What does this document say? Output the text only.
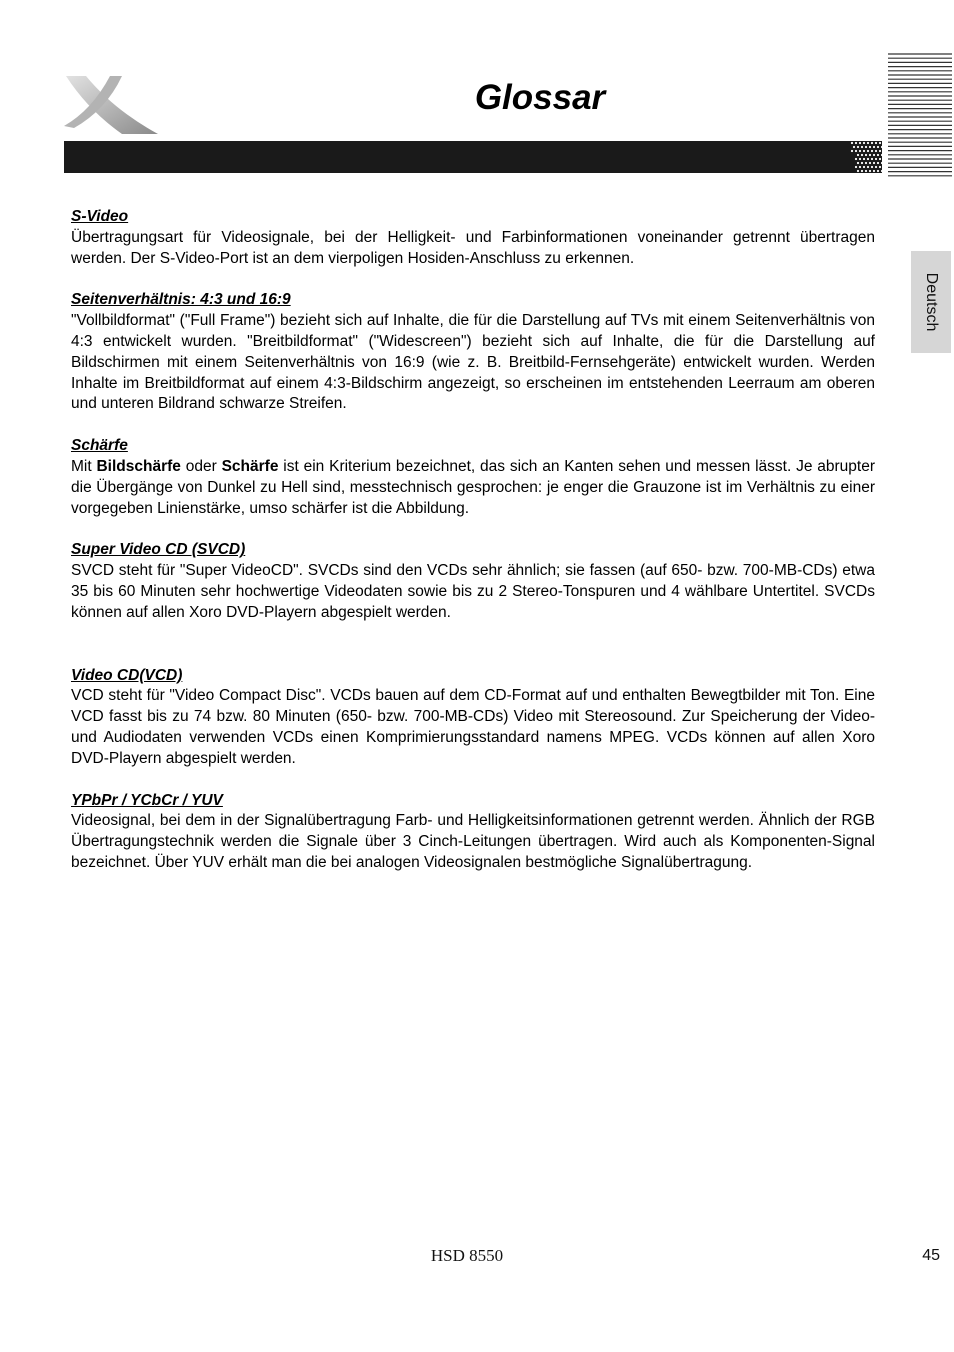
Glossar
Deutsch

S-Video

Übertragungsart für Videosignale, bei der Helligkeit- und Farbinformationen voneinander getrennt übertragen werden. Der S-Video-Port ist an dem vierpoligen Hosiden-Anschluss zu erkennen.

Seitenverhältnis: 4:3 und 16:9

"Vollbildformat" ("Full Frame") bezieht sich auf Inhalte, die für die Darstellung auf TVs mit einem Seitenverhältnis von 4:3 entwickelt wurden. "Breitbildformat" ("Widescreen") bezieht sich auf Inhalte, die für die Darstellung auf Bildschirmen mit einem Seitenverhältnis von 16:9 (wie z. B. Breitbild-Fernsehgeräte) entwickelt wurden. Werden Inhalte im Breitbildformat auf einem 4:3-Bildschirm angezeigt, so erscheinen im entstehenden Leerraum am oberen und unteren Bildrand schwarze Streifen.

Schärfe

Mit Bildschärfe oder Schärfe ist ein Kriterium bezeichnet, das sich an Kanten sehen und messen lässt. Je abrupter die Übergänge von Dunkel zu Hell sind, messtechnisch gesprochen: je enger die Grauzone ist im Verhältnis zu einer vorgegeben Linienstärke, umso schärfer ist die Abbildung.

Super Video CD (SVCD)

SVCD steht für "Super VideoCD". SVCDs sind den VCDs sehr ähnlich; sie fassen (auf 650- bzw. 700-MB-CDs) etwa 35 bis 60 Minuten sehr hochwertige Videodaten sowie bis zu 2 Stereo-Tonspuren und 4 wählbare Untertitel. SVCDs können auf allen Xoro DVD-Playern abgespielt werden.

Video CD(VCD)

VCD steht für "Video Compact Disc". VCDs bauen auf dem CD-Format auf und enthalten Bewegtbilder mit Ton. Eine VCD fasst bis zu 74 bzw. 80 Minuten (650- bzw. 700-MB-CDs) Video mit Stereosound. Zur Speicherung der Video- und Audiodaten verwenden VCDs einen Komprimierungsstandard namens MPEG. VCDs können auf allen Xoro DVD-Playern abgespielt werden.

YPbPr / YCbCr / YUV

Videosignal, bei dem in der Signalübertragung Farb- und Helligkeitsinformationen getrennt werden. Ähnlich der RGB Übertragungstechnik werden die Signale über 3 Cinch-Leitungen übertragen. Wird auch als Komponenten-Signal bezeichnet. Über YUV erhält man die bei analogen Videosignalen bestmögliche Signalübertragung.

HSD 8550	45
